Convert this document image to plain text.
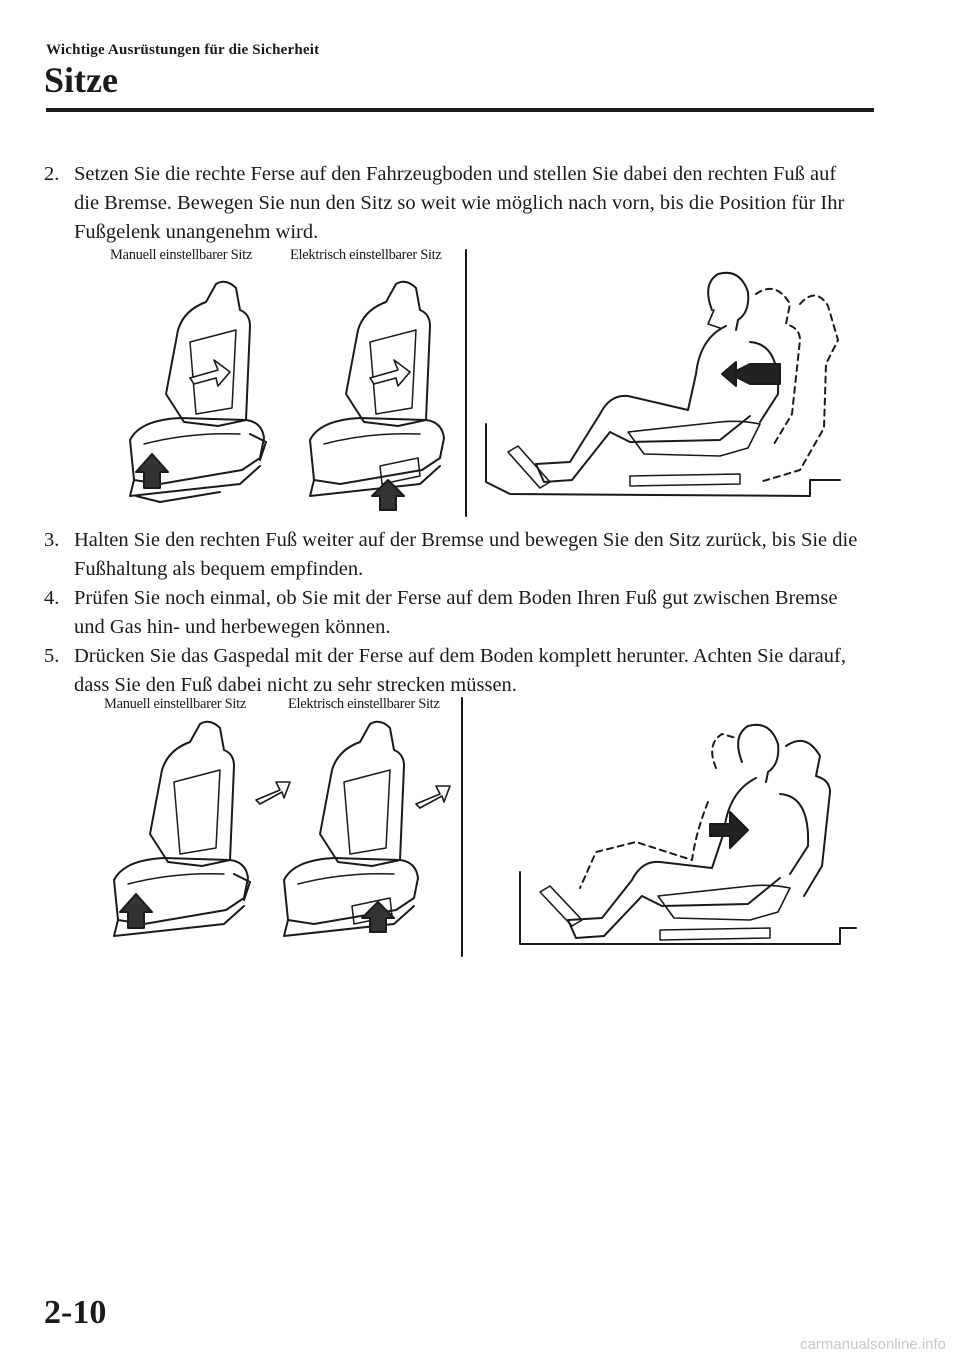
Wichtige Ausrüstungen für die Sicherheit
Sitze
2. Setzen Sie die rechte Ferse auf den Fahrzeugboden und stellen Sie dabei den rechten Fuß auf die Bremse. Bewegen Sie nun den Sitz so weit wie möglich nach vorn, bis die Position für Ihr Fußgelenk unangenehm wird.
Manuell einstellbarer Sitz	Elektrisch einstellbarer Sitz
3. Halten Sie den rechten Fuß weiter auf der Bremse und bewegen Sie den Sitz zurück, bis Sie die Fußhaltung als bequem empfinden.
4. Prüfen Sie noch einmal, ob Sie mit der Ferse auf dem Boden Ihren Fuß gut zwischen Bremse und Gas hin- und herbewegen können.
5. Drücken Sie das Gaspedal mit der Ferse auf dem Boden komplett herunter. Achten Sie darauf, dass Sie den Fuß dabei nicht zu sehr strecken müssen.
Manuell einstellbarer Sitz	Elektrisch einstellbarer Sitz
2-10
carmanualsonline.info
